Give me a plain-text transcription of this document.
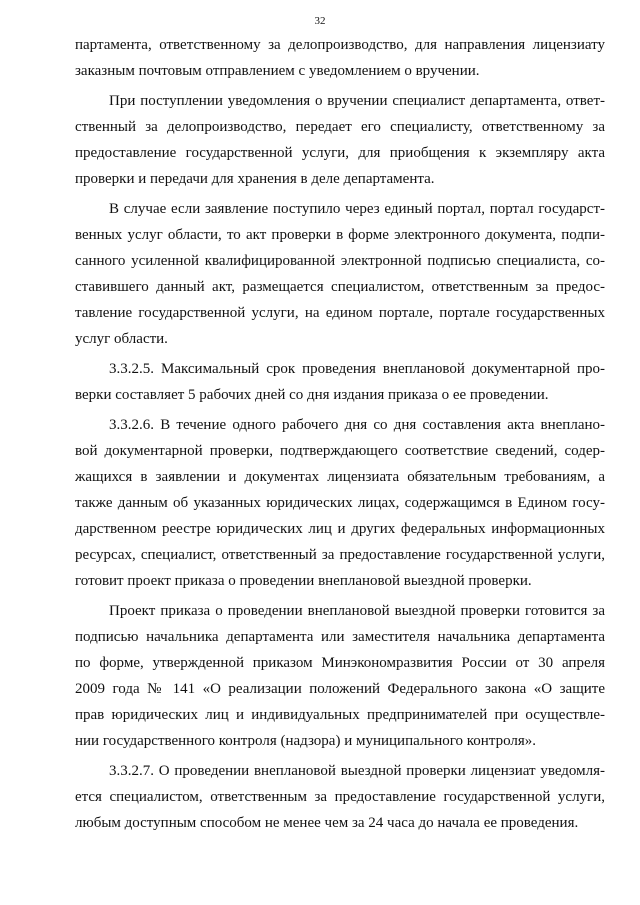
32
партамента, ответственному за делопроизводство, для направления лицензиату
заказным почтовым отправлением с уведомлением о вручении.
При поступлении уведомления о вручении специалист департамента, ответ-
ственный за делопроизводство, передает его специалисту, ответственному за
предоставление государственной услуги, для приобщения к экземпляру акта
проверки и передачи для хранения в деле департамента.
В случае если заявление поступило через единый портал, портал государст-
венных услуг области, то акт проверки в форме электронного документа, подпи-
санного усиленной квалифицированной электронной подписью специалиста, со-
ставившего данный акт, размещается специалистом, ответственным за предос-
тавление государственной услуги, на едином портале, портале государственных
услуг области.
3.3.2.5. Максимальный срок проведения внеплановой документарной про-
верки составляет 5 рабочих дней со дня издания приказа о ее проведении.
3.3.2.6. В течение одного рабочего дня со дня составления акта внеплано-
вой документарной проверки, подтверждающего соответствие сведений, содер-
жащихся в заявлении и документах лицензиата обязательным требованиям, а
также данным об указанных юридических лицах, содержащимся в Едином госу-
дарственном реестре юридических лиц и других федеральных информационных
ресурсах, специалист, ответственный за предоставление государственной услуги,
готовит проект приказа о проведении внеплановой выездной проверки.
Проект приказа о проведении внеплановой выездной проверки готовится за
подписью начальника департамента или заместителя начальника департамента
по форме, утвержденной приказом Минэкономразвития России от 30 апреля
2009 года № 141 «О реализации положений Федерального закона «О защите
прав юридических лиц и индивидуальных предпринимателей при осуществле-
нии государственного контроля (надзора) и муниципального контроля».
3.3.2.7. О проведении внеплановой выездной проверки лицензиат уведомля-
ется специалистом, ответственным за предоставление государственной услуги,
любым доступным способом не менее чем за 24 часа до начала ее проведения.
